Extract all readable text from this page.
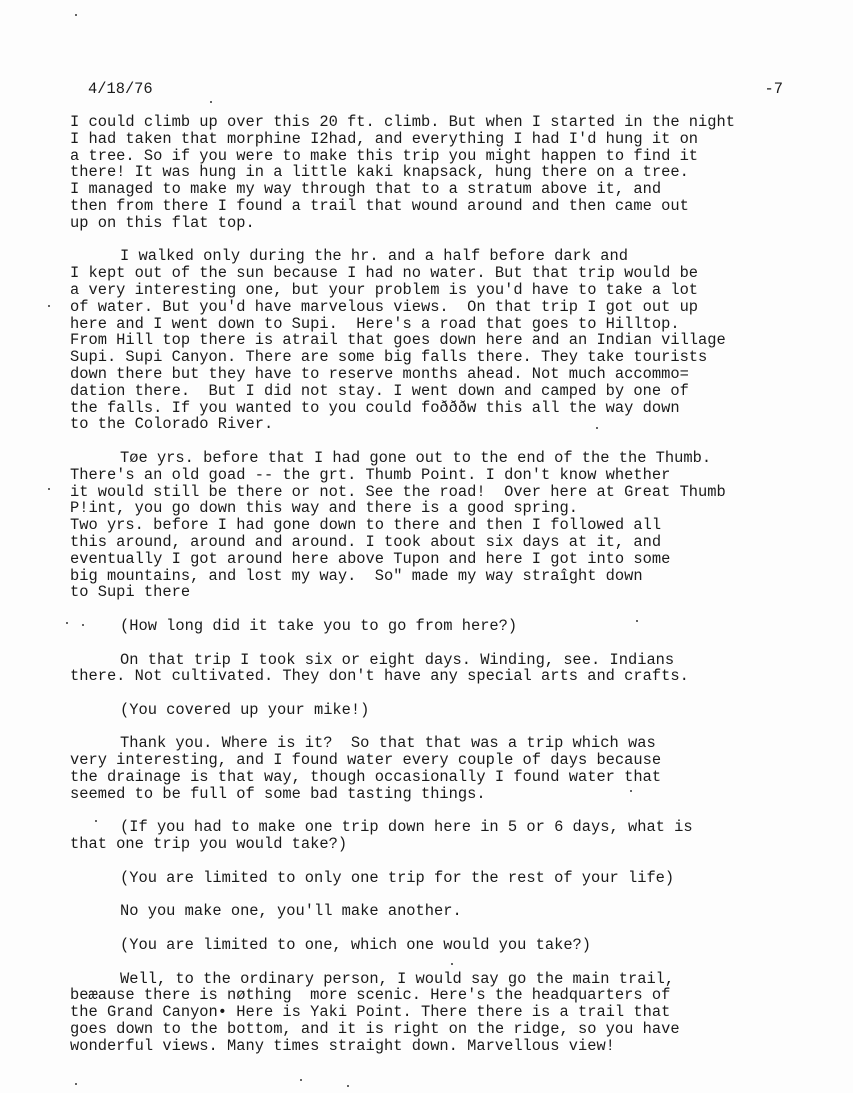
4/18/76	-7
I could climb up over this 20 ft. climb. But when I started in the night
I had taken that morphine I2had, and everything I had I'd hung it on
a tree. So if you were to make this trip you might happen to find it
there! It was hung in a little kaki knapsack, hung there on a tree.
I managed to make my way through that to a stratum above it, and
then from there I found a trail that wound around and then came out
up on this flat top.
I walked only during the hr. and a half before dark and
I kept out of the sun because I had no water. But that trip would be
a very interesting one, but your problem is you'd have to take a lot
of water. But you'd have marvelous views.  On that trip I got out up
here and I went down to Supi.  Here's a road that goes to Hilltop.
From Hill top there is atrail that goes down here and an Indian village
Supi. Supi Canyon. There are some big falls there. They take tourists
down there but they have to reserve months ahead. Not much accommo=
dation there.  But I did not stay. I went down and camped by one of
the falls. If you wanted to you could foðððw this all the way down
to the Colorado River.
Tøe yrs. before that I had gone out to the end of the the Thumb.
There's an old goad -- the grt. Thumb Point. I don't know whether
it would still be there or not. See the road!  Over here at Great Thumb
P!int, you go down this way and there is a good spring.
Two yrs. before I had gone down to there and then I followed all
this around, around and around. I took about six days at it, and
eventually I got around here above Tupon and here I got into some
big mountains, and lost my way.  So" made my way straîght down
to Supi there
(How long did it take you to go from here?)
On that trip I took six or eight days. Winding, see. Indians
there. Not cultivated. They don't have any special arts and crafts.
(You covered up your mike!)
Thank you. Where is it?  So that that was a trip which was
very interesting, and I found water every couple of days because
the drainage is that way, though occasionally I found water that
seemed to be full of some bad tasting things.
(If you had to make one trip down here in 5 or 6 days, what is
that one trip you would take?)
(You are limited to only one trip for the rest of your life)
No you make one, you'll make another.
(You are limited to one, which one would you take?)
Well, to the ordinary person, I would say go the main trail,
beæause there is nøthing  more scenic. Here's the headquarters of
the Grand Canyon• Here is Yaki Point. There there is a trail that
goes down to the bottom, and it is right on the ridge, so you have
wonderful views. Many times straight down. Marvellous view!
